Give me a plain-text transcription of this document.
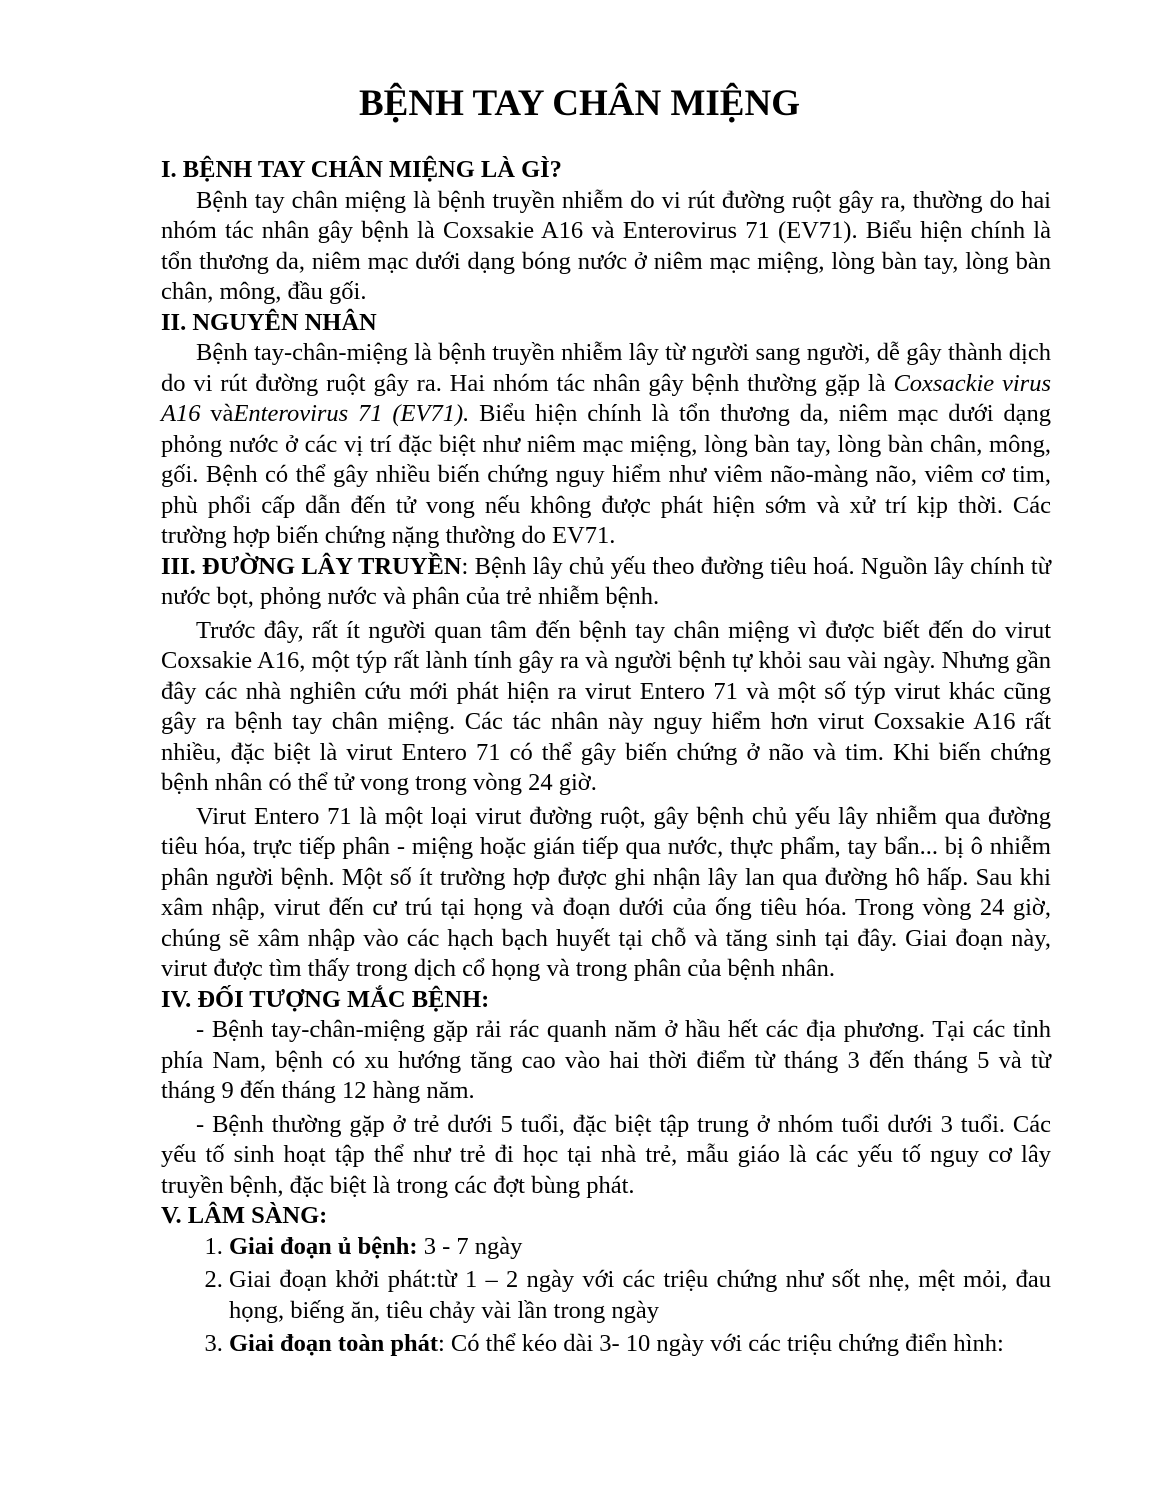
BỆNH TAY CHÂN MIỆNG

I. BỆNH TAY CHÂN MIỆNG LÀ GÌ?

Bệnh tay chân miệng là bệnh truyền nhiễm do vi rút đường ruột gây ra, thường do hai nhóm tác nhân gây bệnh là Coxsakie A16 và Enterovirus 71 (EV71). Biểu hiện chính là tổn thương da, niêm mạc dưới dạng bóng nước ở niêm mạc miệng, lòng bàn tay, lòng bàn chân, mông, đầu gối.

II. NGUYÊN NHÂN

Bệnh tay-chân-miệng là bệnh truyền nhiễm lây từ người sang người, dễ gây thành dịch do vi rút đường ruột gây ra. Hai nhóm tác nhân gây bệnh thường gặp là Coxsackie virus A16 vàEnterovirus 71 (EV71). Biểu hiện chính là tổn thương da, niêm mạc dưới dạng phỏng nước ở các vị trí đặc biệt như niêm mạc miệng, lòng bàn tay, lòng bàn chân, mông, gối. Bệnh có thể gây nhiều biến chứng nguy hiểm như viêm não-màng não, viêm cơ tim, phù phổi cấp dẫn đến tử vong nếu không được phát hiện sớm và xử trí kịp thời. Các trường hợp biến chứng nặng thường do EV71.

III. ĐƯỜNG LÂY TRUYỀN: Bệnh lây chủ yếu theo đường tiêu hoá. Nguồn lây chính từ nước bọt, phỏng nước và phân của trẻ nhiễm bệnh.

Trước đây, rất ít người quan tâm đến bệnh tay chân miệng vì được biết đến do virut Coxsakie A16, một týp rất lành tính gây ra và người bệnh tự khỏi sau vài ngày. Nhưng gần đây các nhà nghiên cứu mới phát hiện ra virut Entero 71 và một số týp virut khác cũng gây ra bệnh tay chân miệng. Các tác nhân này nguy hiểm hơn virut Coxsakie A16 rất nhiều, đặc biệt là virut Entero 71 có thể gây biến chứng ở não và tim. Khi biến chứng bệnh nhân có thể tử vong trong vòng 24 giờ.

Virut Entero 71 là một loại virut đường ruột, gây bệnh chủ yếu lây nhiễm qua đường tiêu hóa, trực tiếp phân - miệng hoặc gián tiếp qua nước, thực phẩm, tay bẩn... bị ô nhiễm phân người bệnh. Một số ít trường hợp được ghi nhận lây lan qua đường hô hấp. Sau khi xâm nhập, virut đến cư trú tại họng và đoạn dưới của ống tiêu hóa. Trong vòng 24 giờ, chúng sẽ xâm nhập vào các hạch bạch huyết tại chỗ và tăng sinh tại đây. Giai đoạn này, virut được tìm thấy trong dịch cổ họng và trong phân của bệnh nhân.

IV. ĐỐI TƯỢNG MẮC BỆNH:

- Bệnh tay-chân-miệng gặp rải rác quanh năm ở hầu hết các địa phương. Tại các tỉnh phía Nam, bệnh có xu hướng tăng cao vào hai thời điểm từ tháng 3 đến tháng 5 và từ tháng 9 đến tháng 12 hàng năm.

- Bệnh thường gặp ở trẻ dưới 5 tuổi, đặc biệt tập trung ở nhóm tuổi dưới 3 tuổi. Các yếu tố sinh hoạt tập thể như trẻ đi học tại nhà trẻ, mẫu giáo là các yếu tố nguy cơ lây truyền bệnh, đặc biệt là trong các đợt bùng phát.

V. LÂM SÀNG:

1. Giai đoạn ủ bệnh: 3 - 7 ngày
2. Giai đoạn khởi phát:từ 1 – 2 ngày với các triệu chứng như sốt nhẹ, mệt mỏi, đau họng, biếng ăn, tiêu chảy vài lần trong ngày
3. Giai đoạn toàn phát: Có thể kéo dài 3- 10 ngày với các triệu chứng điển hình:
